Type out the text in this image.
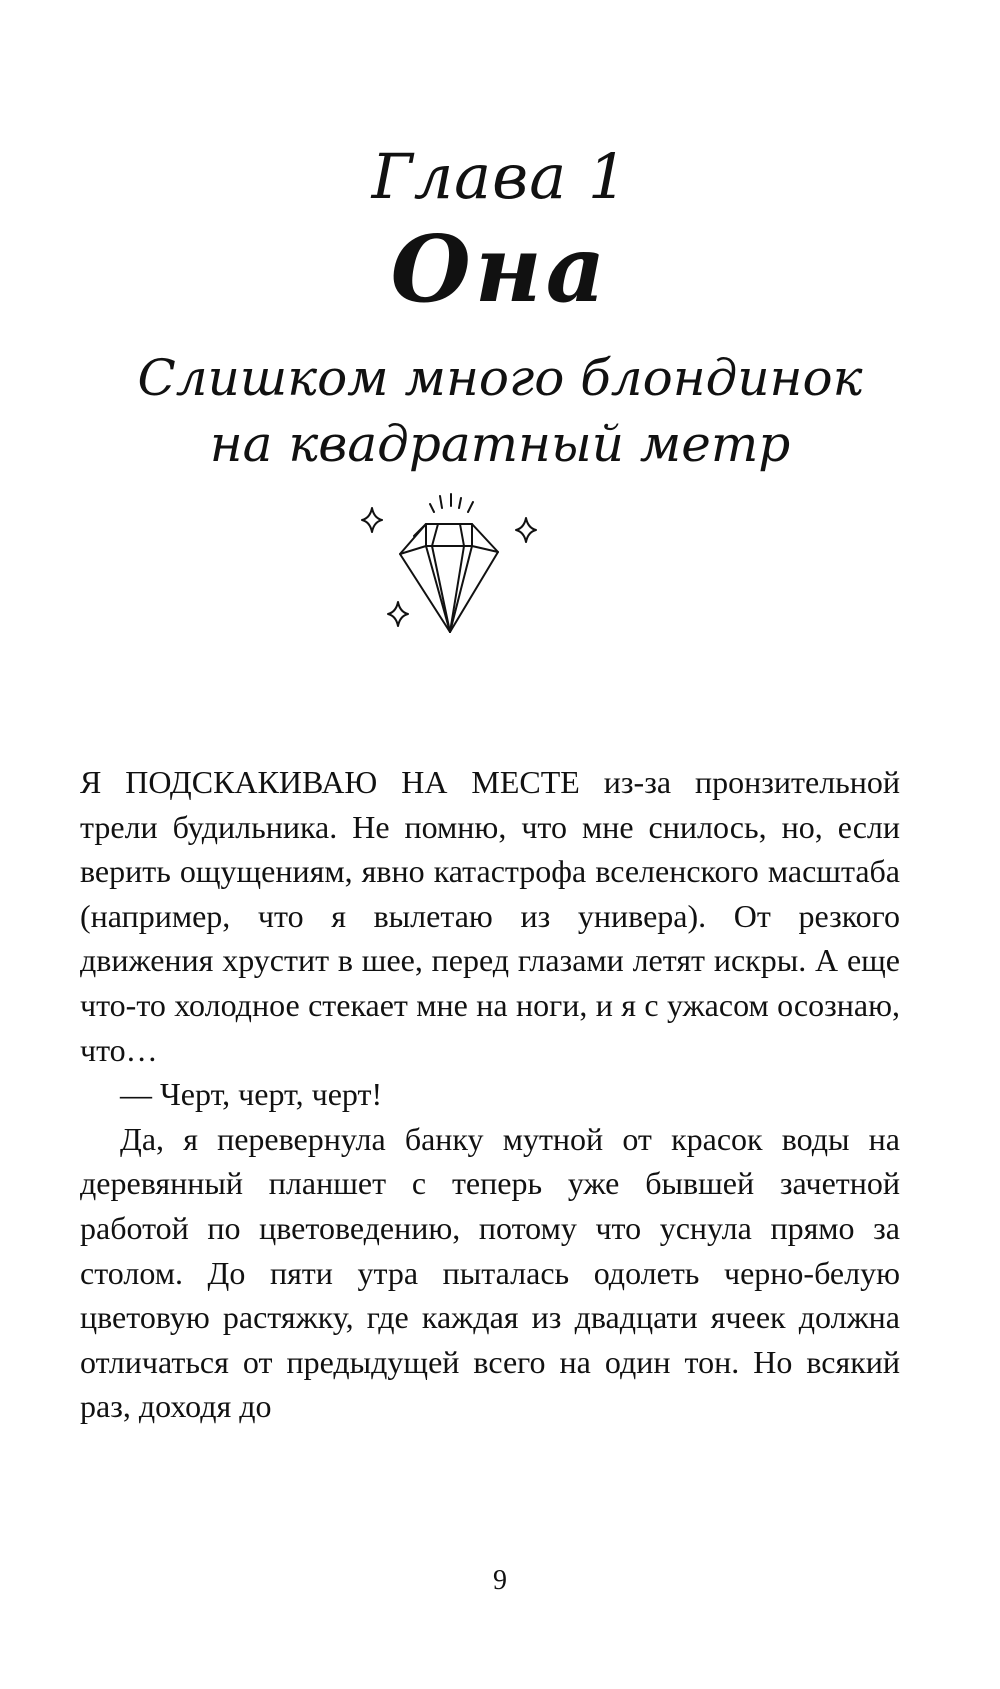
Глава 1
Она
Слишком много блондинок
на квадратный метр

Я ПОДСКАКИВАЮ НА МЕСТЕ из-за пронзительной трели будильника. Не помню, что мне снилось, но, если верить ощущениям, явно катастрофа вселенского масштаба (например, что я вылетаю из универа). От резкого движения хрустит в шее, перед глазами летят искры. А еще что-то холодное стекает мне на ноги, и я с ужасом осознаю, что…

— Черт, черт, черт!

Да, я перевернула банку мутной от красок воды на деревянный планшет с теперь уже бывшей зачетной работой по цветоведению, потому что уснула прямо за столом. До пяти утра пыталась одолеть черно-белую цветовую растяжку, где каждая из двадцати ячеек должна отличаться от предыдущей всего на один тон. Но всякий раз, доходя до

9
